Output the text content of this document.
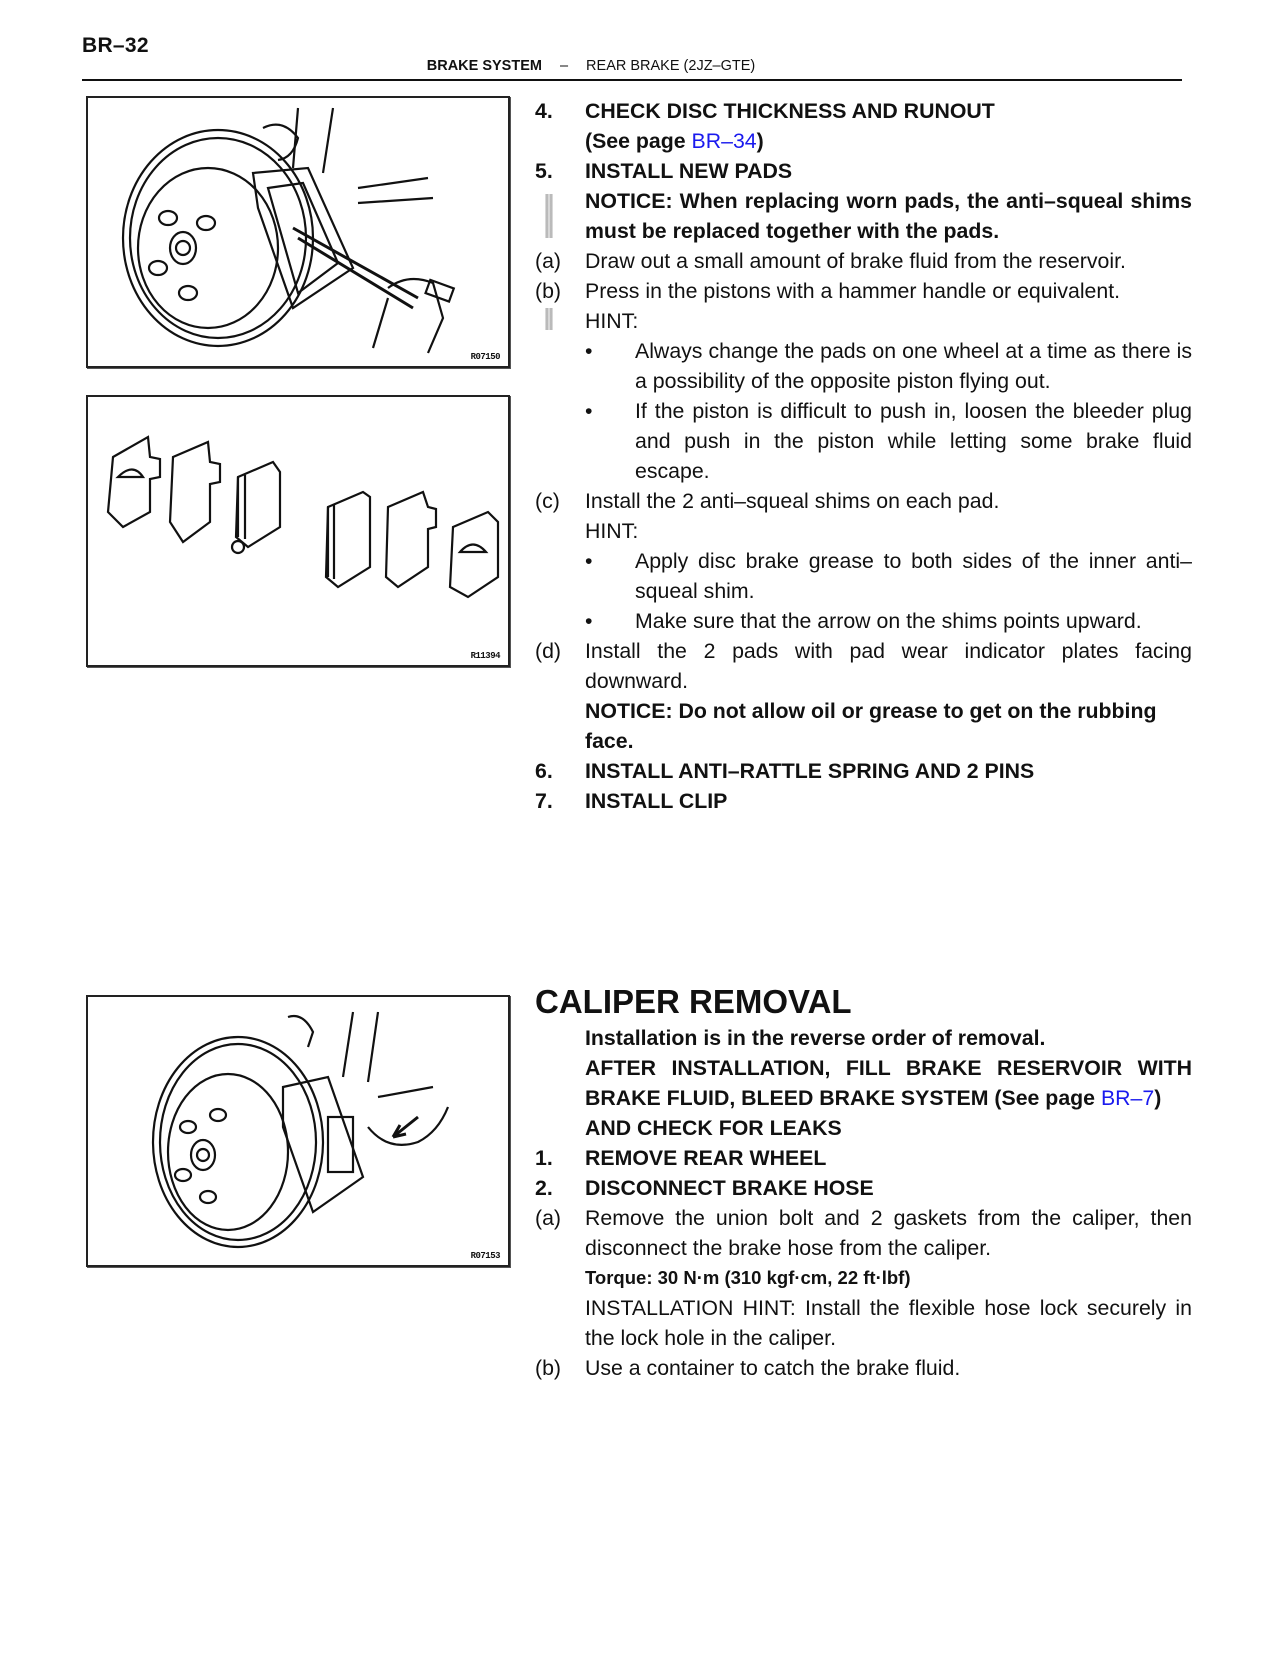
BR–32
BRAKE SYSTEM – REAR BRAKE (2JZ–GTE)
R07150
R11394
R07153
4. CHECK DISC THICKNESS AND RUNOUT
(See page BR–34)
5. INSTALL NEW PADS
NOTICE: When replacing worn pads, the anti–squeal shims must be replaced together with the pads.
(a) Draw out a small amount of brake fluid from the reservoir.
(b) Press in the pistons with a hammer handle or equivalent.
HINT:
• Always change the pads on one wheel at a time as there is a possibility of the opposite piston flying out.
• If the piston is difficult to push in, loosen the bleeder plug and push in the piston while letting some brake fluid escape.
(c) Install the 2 anti–squeal shims on each pad.
HINT:
• Apply disc brake grease to both sides of the inner anti–squeal shim.
• Make sure that the arrow on the shims points upward.
(d) Install the 2 pads with pad wear indicator plates facing downward.
NOTICE: Do not allow oil or grease to get on the rubbing face.
6. INSTALL ANTI–RATTLE SPRING AND 2 PINS
7. INSTALL CLIP
CALIPER REMOVAL
Installation is in the reverse order of removal.
AFTER INSTALLATION, FILL BRAKE RESERVOIR WITH BRAKE FLUID, BLEED BRAKE SYSTEM (See page BR–7)
AND CHECK FOR LEAKS
1. REMOVE REAR WHEEL
2. DISCONNECT BRAKE HOSE
(a) Remove the union bolt and 2 gaskets from the caliper, then disconnect the brake hose from the caliper.
Torque: 30 N·m (310 kgf·cm, 22 ft·lbf)
INSTALLATION HINT: Install the flexible hose lock securely in the lock hole in the caliper.
(b) Use a container to catch the brake fluid.
